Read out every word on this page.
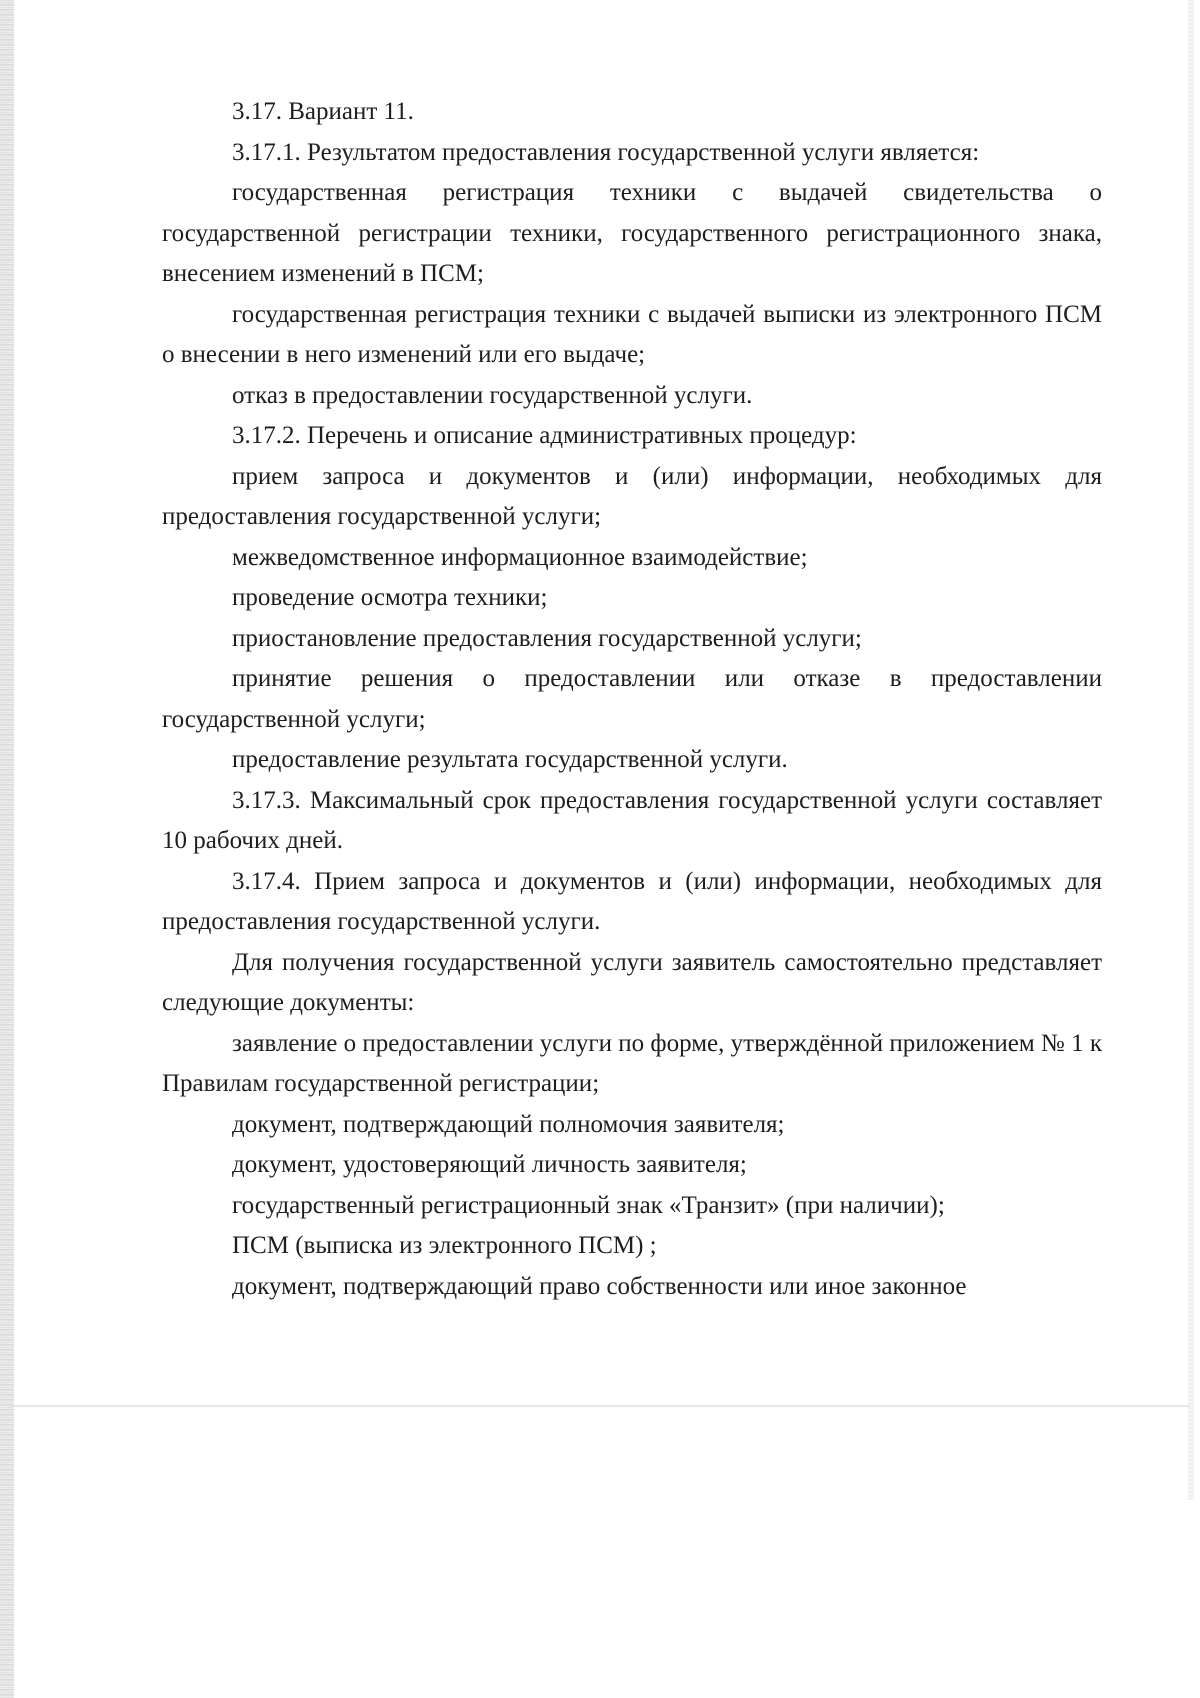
3.17. Вариант 11.

3.17.1. Результатом предоставления государственной услуги является:

государственная регистрация техники с выдачей свидетельства о государственной регистрации техники, государственного регистрационного знака, внесением изменений в ПСМ;

государственная регистрация техники с выдачей выписки из электронного ПСМ о внесении в него изменений или его выдаче;

отказ в предоставлении государственной услуги.

3.17.2. Перечень и описание административных процедур:

прием запроса и документов и (или) информации, необходимых для предоставления государственной услуги;

межведомственное информационное взаимодействие;

проведение осмотра техники;

приостановление предоставления государственной услуги;

принятие решения о предоставлении или отказе в предоставлении государственной услуги;

предоставление результата государственной услуги.

3.17.3. Максимальный срок предоставления государственной услуги составляет 10 рабочих дней.

3.17.4. Прием запроса и документов и (или) информации, необходимых для предоставления государственной услуги.

Для получения государственной услуги заявитель самостоятельно представляет следующие документы:

заявление о предоставлении услуги по форме, утверждённой приложением № 1 к Правилам государственной регистрации;

документ, подтверждающий полномочия заявителя;

документ, удостоверяющий личность заявителя;

государственный регистрационный знак «Транзит» (при наличии);

ПСМ (выписка из электронного ПСМ) ;

документ, подтверждающий право собственности или иное законное
